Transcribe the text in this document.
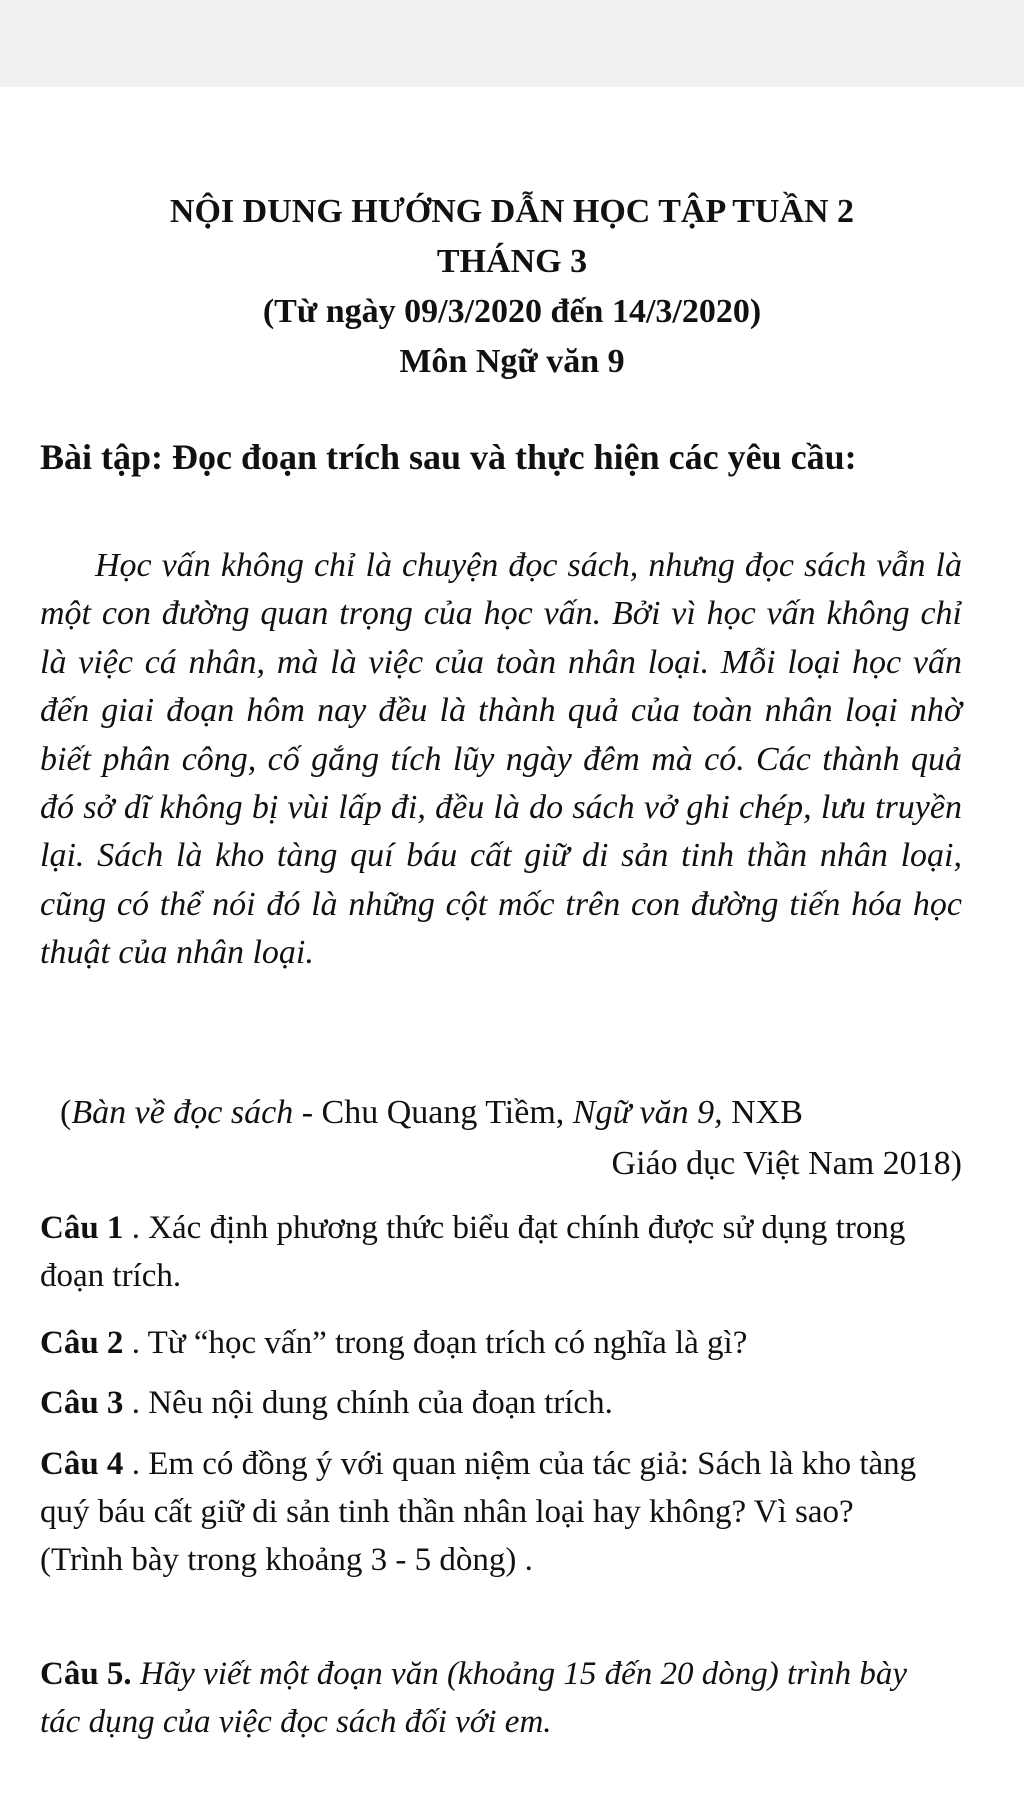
NỘI DUNG HƯỚNG DẪN HỌC TẬP TUẦN 2
THÁNG 3
(Từ ngày 09/3/2020 đến 14/3/2020)
Môn Ngữ văn 9
Bài tập: Đọc đoạn trích sau và thực hiện các yêu cầu:
Học vấn không chỉ là chuyện đọc sách, nhưng đọc sách vẫn là một con đường quan trọng của học vấn. Bởi vì học vấn không chỉ là việc cá nhân, mà là việc của toàn nhân loại. Mỗi loại học vấn đến giai đoạn hôm nay đều là thành quả của toàn nhân loại nhờ biết phân công, cố gắng tích lũy ngày đêm mà có. Các thành quả đó sở dĩ không bị vùi lấp đi, đều là do sách vở ghi chép, lưu truyền lại. Sách là kho tàng quí báu cất giữ di sản tinh thần nhân loại, cũng có thể nói đó là những cột mốc trên con đường tiến hóa học thuật của nhân loại.
(Bàn về đọc sách - Chu Quang Tiềm, Ngữ văn 9, NXB
Giáo dục Việt Nam 2018)
Câu 1 . Xác định phương thức biểu đạt chính được sử dụng trong đoạn trích.
Câu 2 . Từ “học vấn” trong đoạn trích có nghĩa là gì?
Câu 3 . Nêu nội dung chính của đoạn trích.
Câu 4 . Em có đồng ý với quan niệm của tác giả: Sách là kho tàng quý báu cất giữ di sản tinh thần nhân loại hay không? Vì sao? (Trình bày trong khoảng 3 - 5 dòng) .
Câu 5. Hãy viết một đoạn văn (khoảng 15 đến 20 dòng) trình bày tác dụng của việc đọc sách đối với em.
